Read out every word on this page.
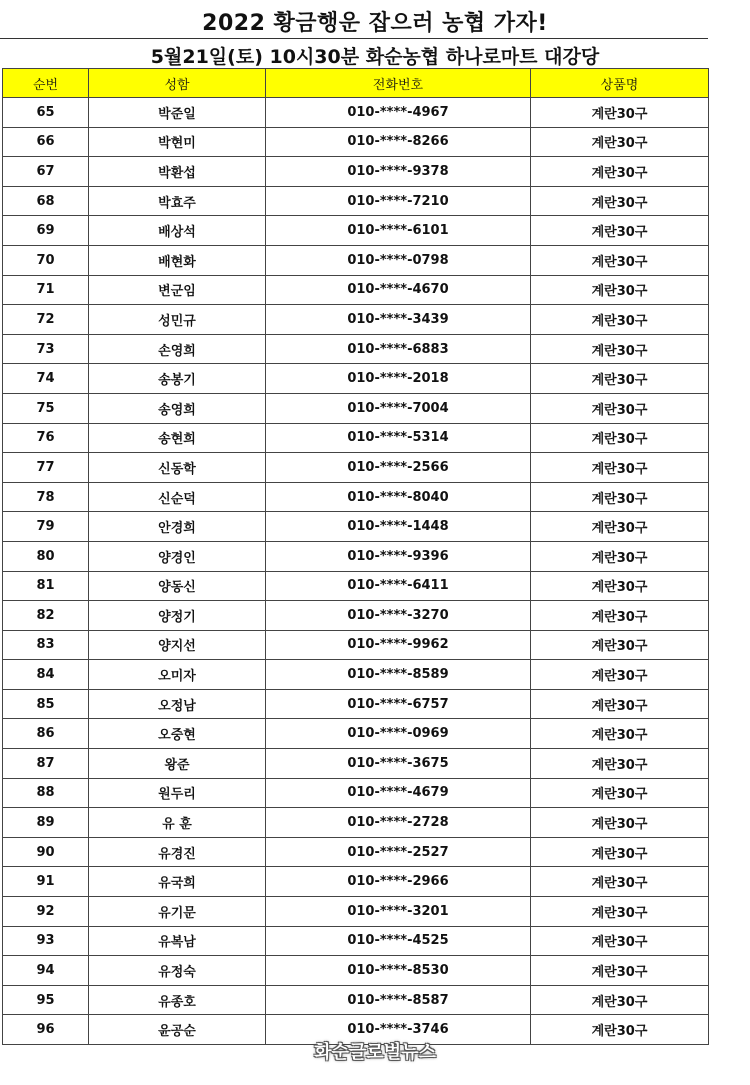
2022 황금행운 잡으러 농협 가자!
5월21일(토) 10시30분 화순농협 하나로마트 대강당
순번	성함	전화번호	상품명
65	박준일	010-****-4967	계란30구
66	박현미	010-****-8266	계란30구
67	박환섭	010-****-9378	계란30구
68	박효주	010-****-7210	계란30구
69	배상석	010-****-6101	계란30구
70	배현화	010-****-0798	계란30구
71	변군임	010-****-4670	계란30구
72	성민규	010-****-3439	계란30구
73	손영희	010-****-6883	계란30구
74	송봉기	010-****-2018	계란30구
75	송영희	010-****-7004	계란30구
76	송현희	010-****-5314	계란30구
77	신동학	010-****-2566	계란30구
78	신순덕	010-****-8040	계란30구
79	안경희	010-****-1448	계란30구
80	양경인	010-****-9396	계란30구
81	양동신	010-****-6411	계란30구
82	양정기	010-****-3270	계란30구
83	양지선	010-****-9962	계란30구
84	오미자	010-****-8589	계란30구
85	오정남	010-****-6757	계란30구
86	오중현	010-****-0969	계란30구
87	왕준	010-****-3675	계란30구
88	원두리	010-****-4679	계란30구
89	유 훈	010-****-2728	계란30구
90	유경진	010-****-2527	계란30구
91	유국희	010-****-2966	계란30구
92	유기문	010-****-3201	계란30구
93	유복남	010-****-4525	계란30구
94	유정숙	010-****-8530	계란30구
95	유종호	010-****-8587	계란30구
96	윤공순	010-****-3746	계란30구
화순글로벌뉴스
